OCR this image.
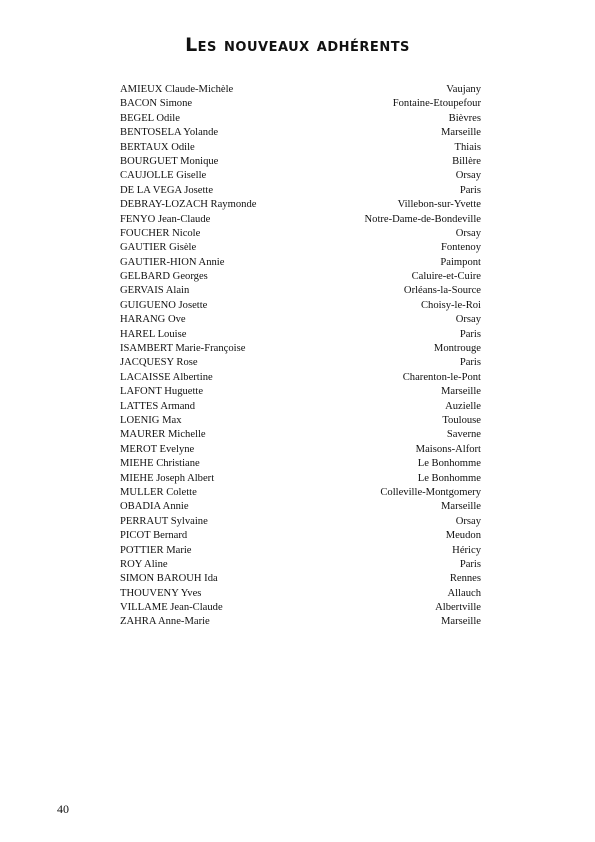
Les nouveaux adhérents
AMIEUX Claude-Michèle	Vaujany
BACON Simone	Fontaine-Etoupefour
BEGEL Odile	Bièvres
BENTOSELA Yolande	Marseille
BERTAUX Odile	Thiais
BOURGUET Monique	Billère
CAUJOLLE Giselle	Orsay
DE LA VEGA Josette	Paris
DEBRAY-LOZACH Raymonde	Villebon-sur-Yvette
FENYO Jean-Claude	Notre-Dame-de-Bondeville
FOUCHER Nicole	Orsay
GAUTIER Gisèle	Fontenoy
GAUTIER-HION Annie	Paimpont
GELBARD Georges	Caluire-et-Cuire
GERVAIS Alain	Orléans-la-Source
GUIGUENO Josette	Choisy-le-Roi
HARANG Ove	Orsay
HAREL Louise	Paris
ISAMBERT Marie-Françoise	Montrouge
JACQUESY Rose	Paris
LACAISSE Albertine	Charenton-le-Pont
LAFONT Huguette	Marseille
LATTES Armand	Auzielle
LOENIG Max	Toulouse
MAURER Michelle	Saverne
MEROT Evelyne	Maisons-Alfort
MIEHE Christiane	Le Bonhomme
MIEHE Joseph Albert	Le Bonhomme
MULLER Colette	Colleville-Montgomery
OBADIA Annie	Marseille
PERRAUT Sylvaine	Orsay
PICOT Bernard	Meudon
POTTIER Marie	Héricy
ROY Aline	Paris
SIMON BAROUH Ida	Rennes
THOUVENY Yves	Allauch
VILLAME Jean-Claude	Albertville
ZAHRA Anne-Marie	Marseille
40
